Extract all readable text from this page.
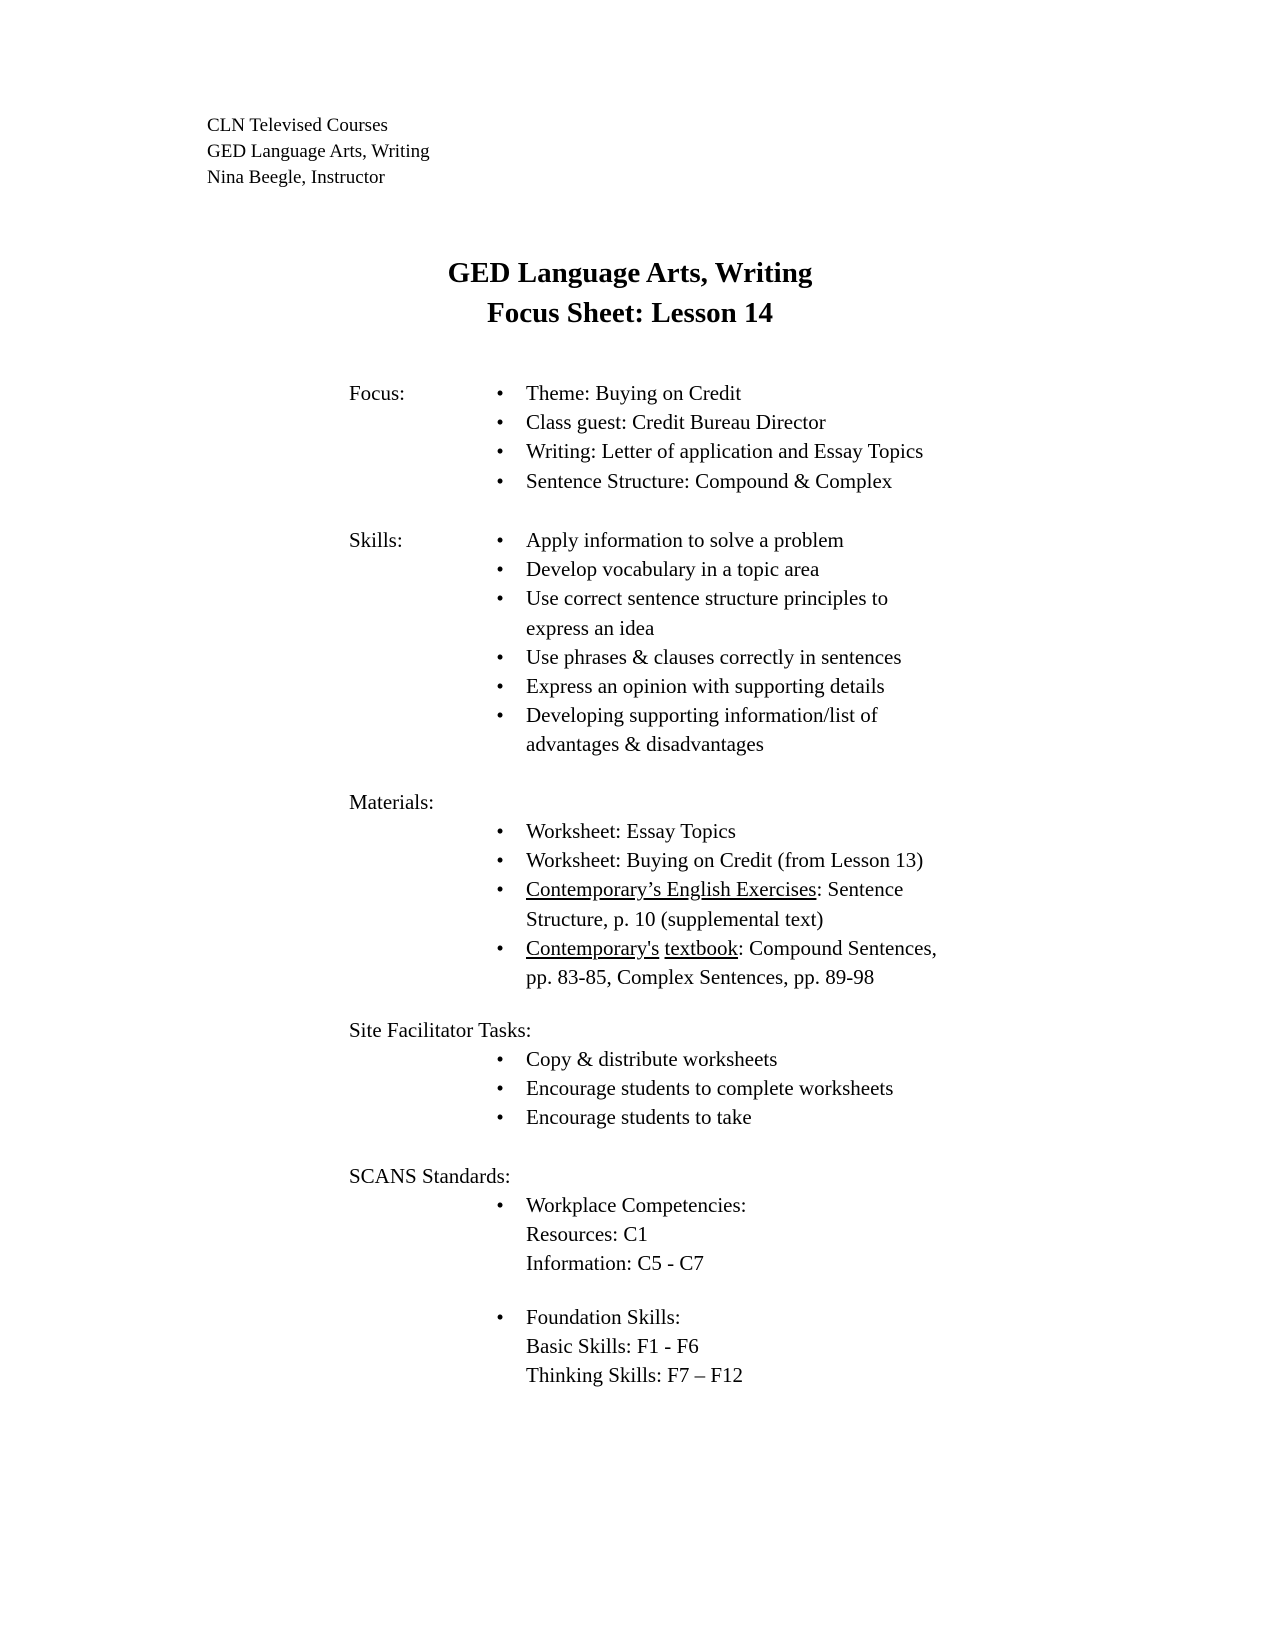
CLN Televised Courses
GED Language Arts, Writing
Nina Beegle, Instructor
GED Language Arts, Writing
Focus Sheet: Lesson 14
Focus:	•	Theme: Buying on Credit
•	Class guest: Credit Bureau Director
•	Writing: Letter of application and Essay Topics
•	Sentence Structure: Compound & Complex
Skills:	•	Apply information to solve a problem
•	Develop vocabulary in a topic area
•	Use correct sentence structure principles to
express an idea
•	Use phrases & clauses correctly in sentences
•	Express an opinion with supporting details
•	Developing supporting information/list of
advantages & disadvantages
Materials:
•	Worksheet: Essay Topics
•	Worksheet: Buying on Credit (from Lesson 13)
•	Contemporary’s English Exercises: Sentence
Structure, p. 10 (supplemental text)
•	Contemporary's textbook: Compound Sentences,
pp. 83-85, Complex Sentences, pp. 89-98
Site Facilitator Tasks:
•	Copy & distribute worksheets
•	Encourage students to complete worksheets
•	Encourage students to take
SCANS Standards:
•	Workplace Competencies:
Resources: C1
Information: C5 - C7
•	Foundation Skills:
Basic Skills: F1 - F6
Thinking Skills: F7 – F12
